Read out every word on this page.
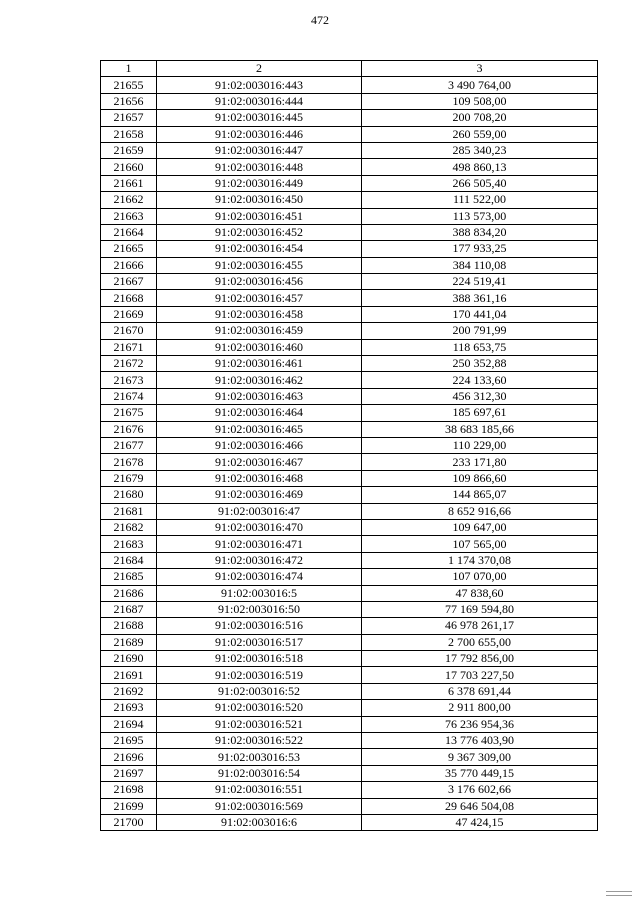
472
1	2	3
21655	91:02:003016:443	3 490 764,00
21656	91:02:003016:444	109 508,00
21657	91:02:003016:445	200 708,20
21658	91:02:003016:446	260 559,00
21659	91:02:003016:447	285 340,23
21660	91:02:003016:448	498 860,13
21661	91:02:003016:449	266 505,40
21662	91:02:003016:450	111 522,00
21663	91:02:003016:451	113 573,00
21664	91:02:003016:452	388 834,20
21665	91:02:003016:454	177 933,25
21666	91:02:003016:455	384 110,08
21667	91:02:003016:456	224 519,41
21668	91:02:003016:457	388 361,16
21669	91:02:003016:458	170 441,04
21670	91:02:003016:459	200 791,99
21671	91:02:003016:460	118 653,75
21672	91:02:003016:461	250 352,88
21673	91:02:003016:462	224 133,60
21674	91:02:003016:463	456 312,30
21675	91:02:003016:464	185 697,61
21676	91:02:003016:465	38 683 185,66
21677	91:02:003016:466	110 229,00
21678	91:02:003016:467	233 171,80
21679	91:02:003016:468	109 866,60
21680	91:02:003016:469	144 865,07
21681	91:02:003016:47	8 652 916,66
21682	91:02:003016:470	109 647,00
21683	91:02:003016:471	107 565,00
21684	91:02:003016:472	1 174 370,08
21685	91:02:003016:474	107 070,00
21686	91:02:003016:5	47 838,60
21687	91:02:003016:50	77 169 594,80
21688	91:02:003016:516	46 978 261,17
21689	91:02:003016:517	2 700 655,00
21690	91:02:003016:518	17 792 856,00
21691	91:02:003016:519	17 703 227,50
21692	91:02:003016:52	6 378 691,44
21693	91:02:003016:520	2 911 800,00
21694	91:02:003016:521	76 236 954,36
21695	91:02:003016:522	13 776 403,90
21696	91:02:003016:53	9 367 309,00
21697	91:02:003016:54	35 770 449,15
21698	91:02:003016:551	3 176 602,66
21699	91:02:003016:569	29 646 504,08
21700	91:02:003016:6	47 424,15
